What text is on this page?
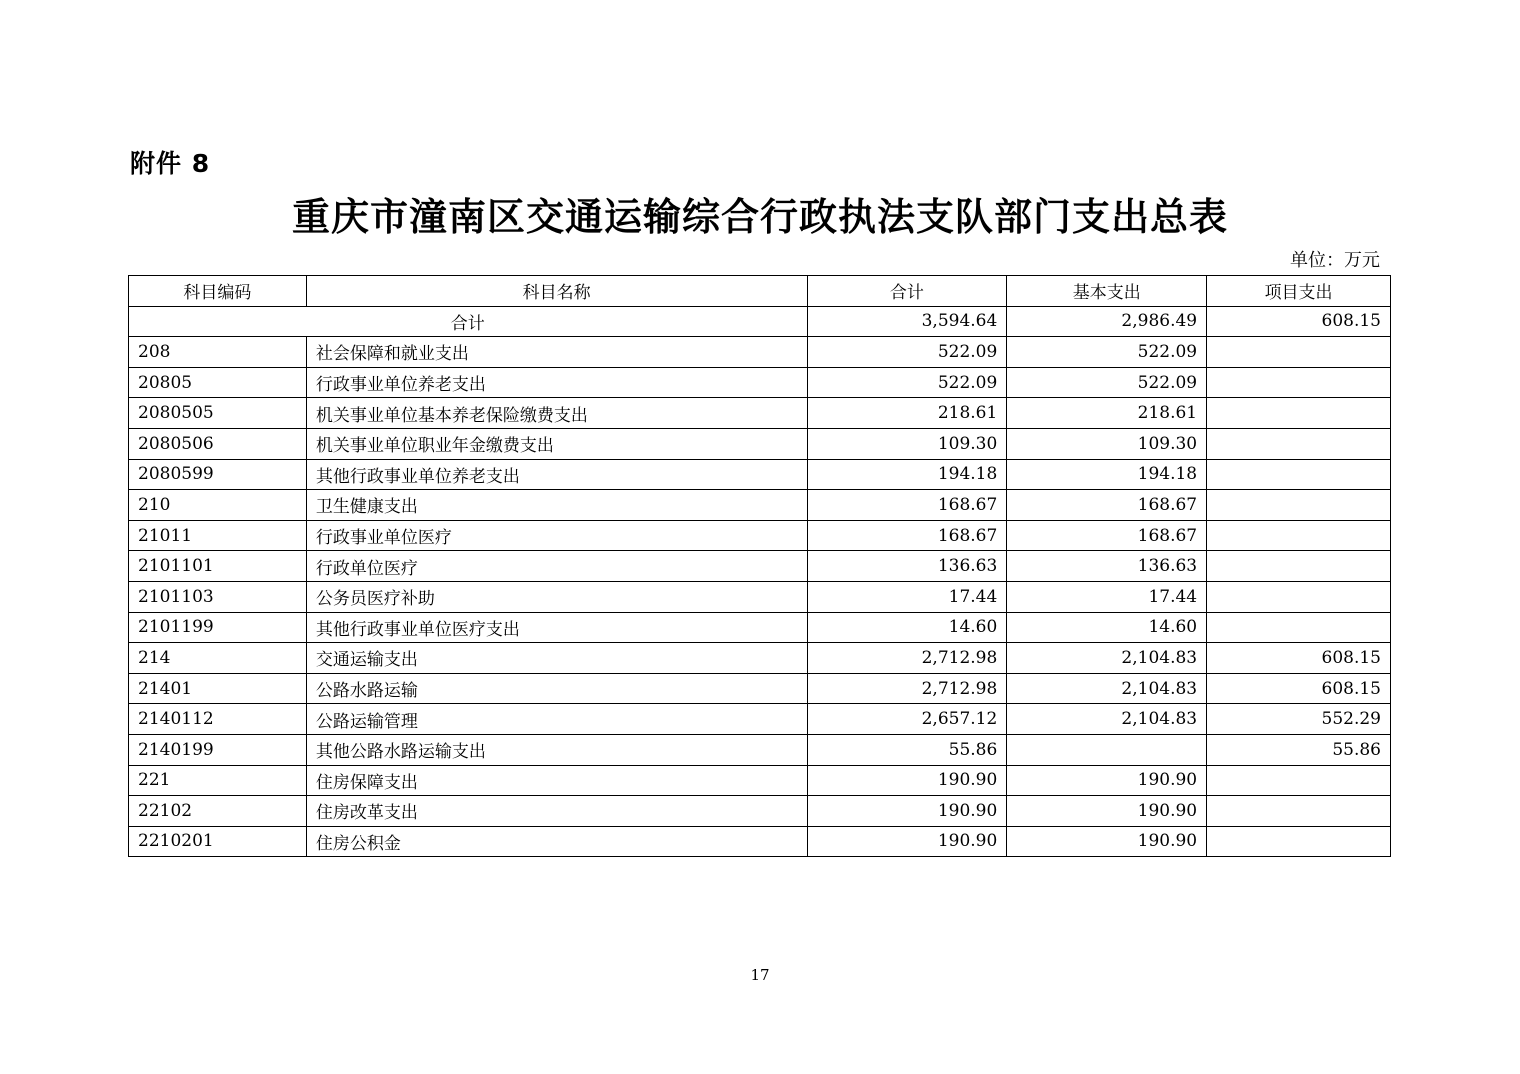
附件 8
重庆市潼南区交通运输综合行政执法支队部门支出总表
单位：万元
科目编码	科目名称	合计	基本支出	项目支出
合计		3,594.64	2,986.49	608.15
208	社会保障和就业支出	522.09	522.09	
20805	行政事业单位养老支出	522.09	522.09	
2080505	机关事业单位基本养老保险缴费支出	218.61	218.61	
2080506	机关事业单位职业年金缴费支出	109.30	109.30	
2080599	其他行政事业单位养老支出	194.18	194.18	
210	卫生健康支出	168.67	168.67	
21011	行政事业单位医疗	168.67	168.67	
2101101	行政单位医疗	136.63	136.63	
2101103	公务员医疗补助	17.44	17.44	
2101199	其他行政事业单位医疗支出	14.60	14.60	
214	交通运输支出	2,712.98	2,104.83	608.15
21401	公路水路运输	2,712.98	2,104.83	608.15
2140112	公路运输管理	2,657.12	2,104.83	552.29
2140199	其他公路水路运输支出	55.86		55.86
221	住房保障支出	190.90	190.90	
22102	住房改革支出	190.90	190.90	
2210201	住房公积金	190.90	190.90	
17
